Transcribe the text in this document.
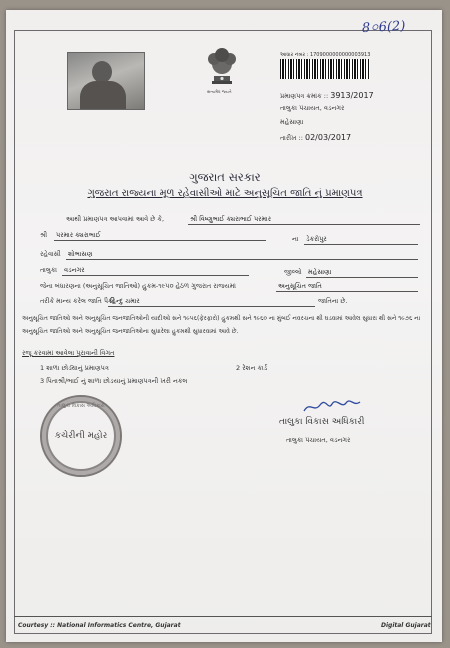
8০6(2)
સત્યમેવ જયતે
આધાર નંબર : 1709000000000003913
પ્રમાણપત્ર ક્રમાંક :: 3913/2017
તાલુકા પંચાયત, વડનગર
મહેસાણા
તારીખ :: 02/03/2017
ગુજરાત સરકાર
ગુજરાત રાજ્યના મૂળ રહેવાસીઓ માટે અનુસૂચિત જાતિ નું પ્રમાણપત્ર
આથી પ્રમાણપત્ર આપવામાં આવે છે કે,	શ્રી વિષ્ણુભાઈ ક્યરાભાઈ પરમાર
શ્રી	પરમાર ક્યરાભાઈ	ના	ડેકરોપુર
રહેવાસી	શોભાસણ
તાલુકા	વડનગર	જીલ્લો મહેસાણા
જેના બંધારણના (અનુસૂચિત જાતિઓ) હુકમ-૧૯૫૦ હેઠળ ગુજરાત રાજયમાં	અનુસૂચિત જાતિ
તરીકે માન્ય કરેલ જાતિ પૈકી
હિન્દુ ચમાર	જાતિના છે.
અનુસૂચિત જાતિઓ અને અનુસૂચિત જનજાતિઓની યાદીઓ સને ૧૯૫૬(ફેરફારો) હુકમથી સને ૧૯૬૦ ના મુંબઈ નવરચના થી ઘડવામાં આવેલ સુધારા થી સને ૧૯૭૬ ના અનુસૂચિત જાતિઓ અને અનુસૂચિત જનજાતિઓના સુધારેલા હુકમથી સુધારવામાં આવે છે.
રજૂ કરવામાં આવેલા પુરાવાની વિગત
1 શાળા છોડ્યાનું પ્રમાણપત્ર	2 રેશન કાર્ડ
3 પિતાશ્રી/ભાઈ નું શાળા છોડયાનું પ્રમાણપત્રની ખરી નકલ
તાલુકા વિકાસ અધિકારી
કચેરીની મહોર
તાલુકા વિકાસ અધિકારી
તાલુકા પંચાયત, વડનગર
Courtesy :: National Informatics Centre, Gujarat	Digital Gujarat
